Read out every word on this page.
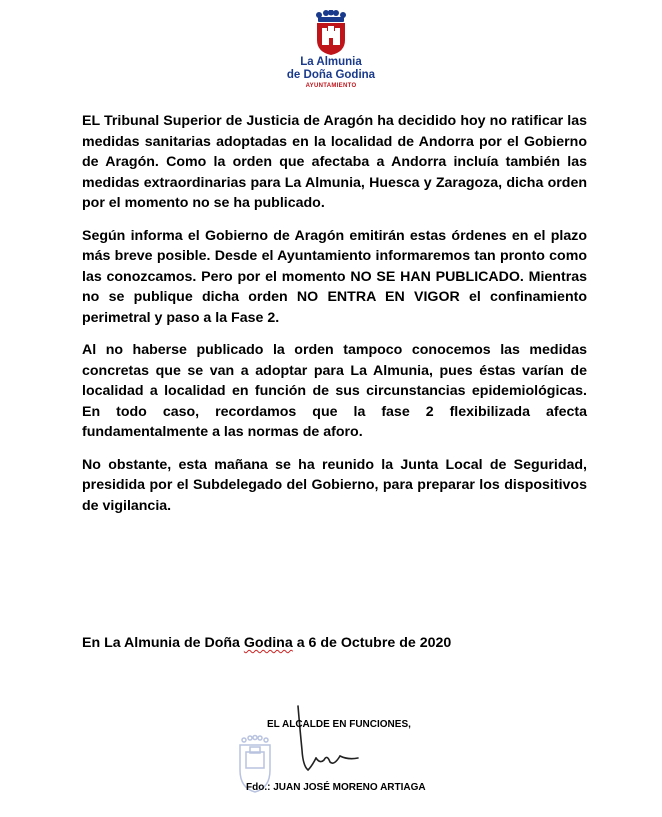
La Almunia
de Doña Godina
AYUNTAMIENTO

EL Tribunal Superior de Justicia de Aragón ha decidido hoy no ratificar las medidas sanitarias adoptadas en la localidad de Andorra por el Gobierno de Aragón. Como la orden que afectaba a Andorra incluía también las medidas extraordinarias para La Almunia, Huesca y Zaragoza, dicha orden por el momento no se ha publicado.

Según informa el Gobierno de Aragón emitirán estas órdenes en el plazo más breve posible. Desde el Ayuntamiento informaremos tan pronto como las conozcamos. Pero por el momento NO SE HAN PUBLICADO. Mientras no se publique dicha orden NO ENTRA EN VIGOR el confinamiento perimetral y paso a la Fase 2.

Al no haberse publicado la orden tampoco conocemos las medidas concretas que se van a adoptar para La Almunia, pues éstas varían de localidad a localidad en función de sus circunstancias epidemiológicas. En todo caso, recordamos que la fase 2 flexibilizada afecta fundamentalmente a las normas de aforo.

No obstante, esta mañana se ha reunido la Junta Local de Seguridad, presidida por el Subdelegado del Gobierno, para preparar los dispositivos de vigilancia.

En La Almunia de Doña Godina a 6 de Octubre de 2020
EL ALCALDE EN FUNCIONES,
Fdo.: JUAN JOSÉ MORENO ARTIAGA
